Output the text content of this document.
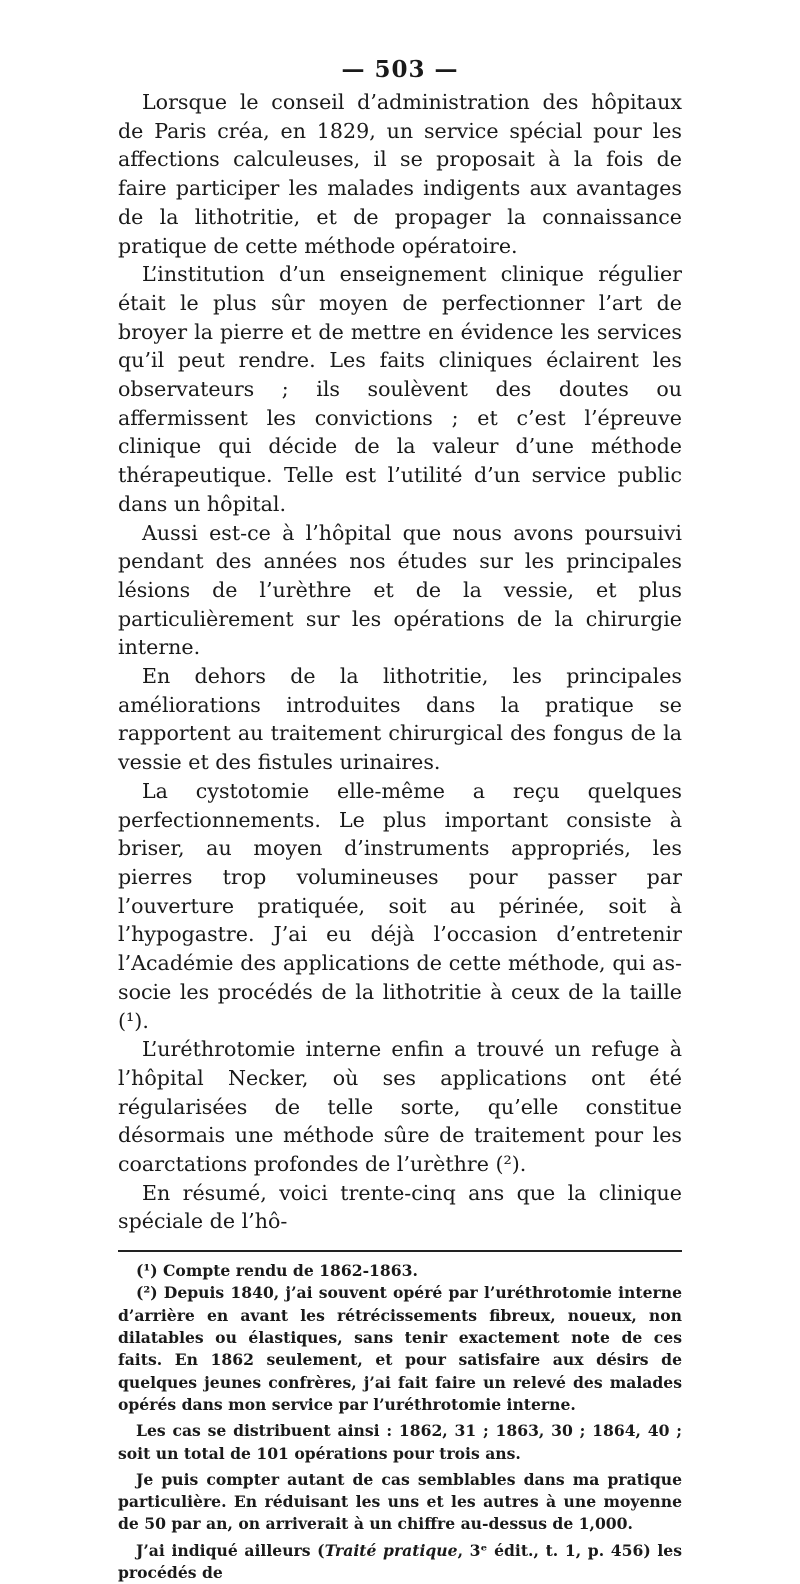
— 503 —

Lorsque le conseil d’administration des hôpitaux de Paris créa, en 1829, un service spécial pour les affections calculeuses, il se proposait à la fois de faire participer les malades indigents aux avantages de la lithotritie, et de propager la connaissance pratique de cette méthode opératoire.

L’institution d’un enseignement clinique régulier était le plus sûr moyen de perfectionner l’art de broyer la pierre et de mettre en évidence les services qu’il peut rendre. Les faits cliniques éclairent les observateurs ; ils soulèvent des doutes ou affermissent les convictions ; et c’est l’épreuve clinique qui décide de la valeur d’une méthode thérapeutique. Telle est l’utilité d’un service public dans un hôpital.

Aussi est-ce à l’hôpital que nous avons poursuivi pendant des années nos études sur les principales lésions de l’urèthre et de la vessie, et plus particulièrement sur les opérations de la chirurgie interne.

En dehors de la lithotritie, les principales améliorations introduites dans la pratique se rapportent au traitement chirurgical des fongus de la vessie et des fistules urinaires.

La cystotomie elle-même a reçu quelques perfectionnements. Le plus important consiste à briser, au moyen d’instruments appropriés, les pierres trop volumineuses pour passer par l’ouverture pratiquée, soit au périnée, soit à l’hypogastre. J’ai eu déjà l’occasion d’entretenir l’Académie des applications de cette méthode, qui associe les procédés de la lithotritie à ceux de la taille (¹).

L’uréthrotomie interne enfin a trouvé un refuge à l’hôpital Necker, où ses applications ont été régularisées de telle sorte, qu’elle constitue désormais une méthode sûre de traitement pour les coarctations profondes de l’urèthre (²).

En résumé, voici trente-cinq ans que la clinique spéciale de l’hô-

(¹) Compte rendu de 1862-1863.

(²) Depuis 1840, j’ai souvent opéré par l’uréthrotomie interne d’arrière en avant les rétrécissements fibreux, noueux, non dilatables ou élastiques, sans tenir exactement note de ces faits. En 1862 seulement, et pour satisfaire aux désirs de quelques jeunes confrères, j’ai fait faire un relevé des malades opérés dans mon service par l’uréthrotomie interne.

Les cas se distribuent ainsi : 1862, 31 ; 1863, 30 ; 1864, 40 ; soit un total de 101 opérations pour trois ans.

Je puis compter autant de cas semblables dans ma pratique particulière. En réduisant les uns et les autres à une moyenne de 50 par an, on arriverait à un chiffre au-dessus de 1,000.

J’ai indiqué ailleurs (Traité pratique, 3ᵉ édit., t. 1, p. 456) les procédés de
